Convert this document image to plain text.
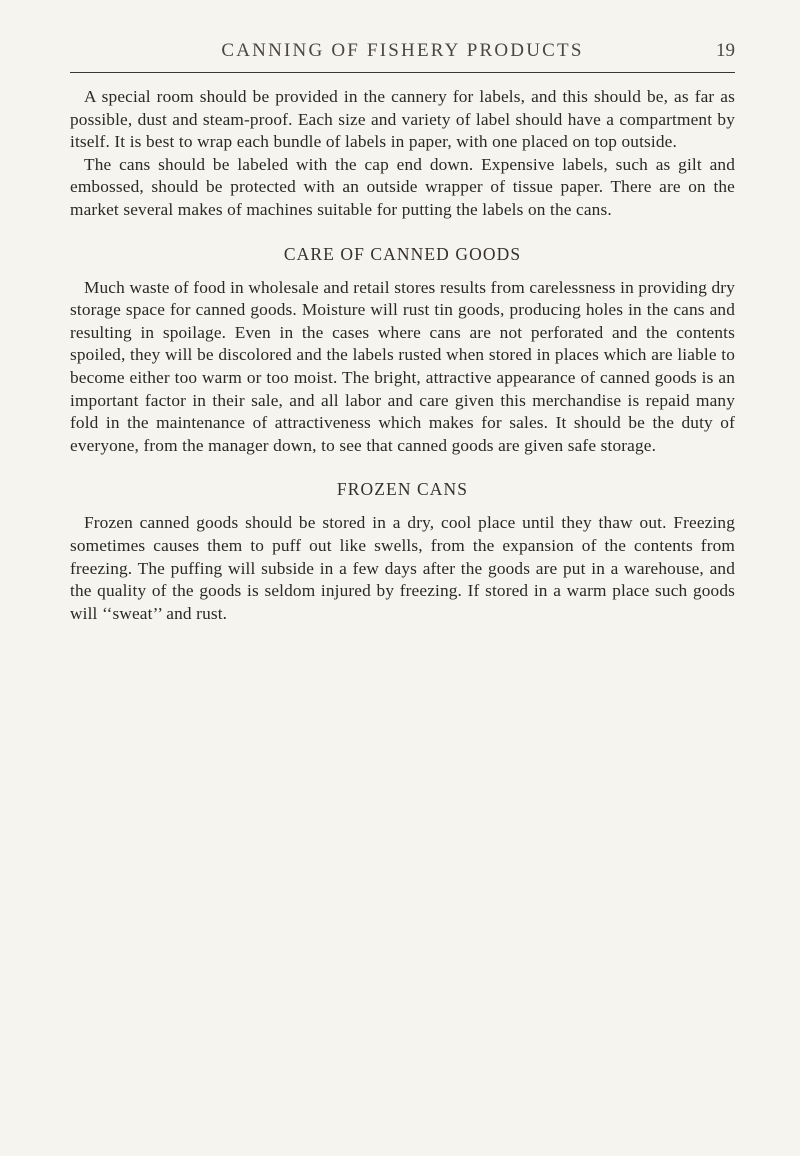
CANNING OF FISHERY PRODUCTS	19

A special room should be provided in the cannery for labels, and this should be, as far as possible, dust and steam-proof. Each size and variety of label should have a compartment by itself. It is best to wrap each bundle of labels in paper, with one placed on top outside.

The cans should be labeled with the cap end down. Expensive labels, such as gilt and embossed, should be protected with an outside wrapper of tissue paper. There are on the market several makes of machines suitable for putting the labels on the cans.

CARE OF CANNED GOODS

Much waste of food in wholesale and retail stores results from carelessness in providing dry storage space for canned goods. Moisture will rust tin goods, producing holes in the cans and resulting in spoilage. Even in the cases where cans are not perforated and the contents spoiled, they will be discolored and the labels rusted when stored in places which are liable to become either too warm or too moist. The bright, attractive appearance of canned goods is an important factor in their sale, and all labor and care given this merchandise is repaid many fold in the maintenance of attractiveness which makes for sales. It should be the duty of everyone, from the manager down, to see that canned goods are given safe storage.

FROZEN CANS

Frozen canned goods should be stored in a dry, cool place until they thaw out. Freezing sometimes causes them to puff out like swells, from the expansion of the contents from freezing. The puffing will subside in a few days after the goods are put in a warehouse, and the quality of the goods is seldom injured by freezing. If stored in a warm place such goods will ‘‘sweat’’ and rust.
